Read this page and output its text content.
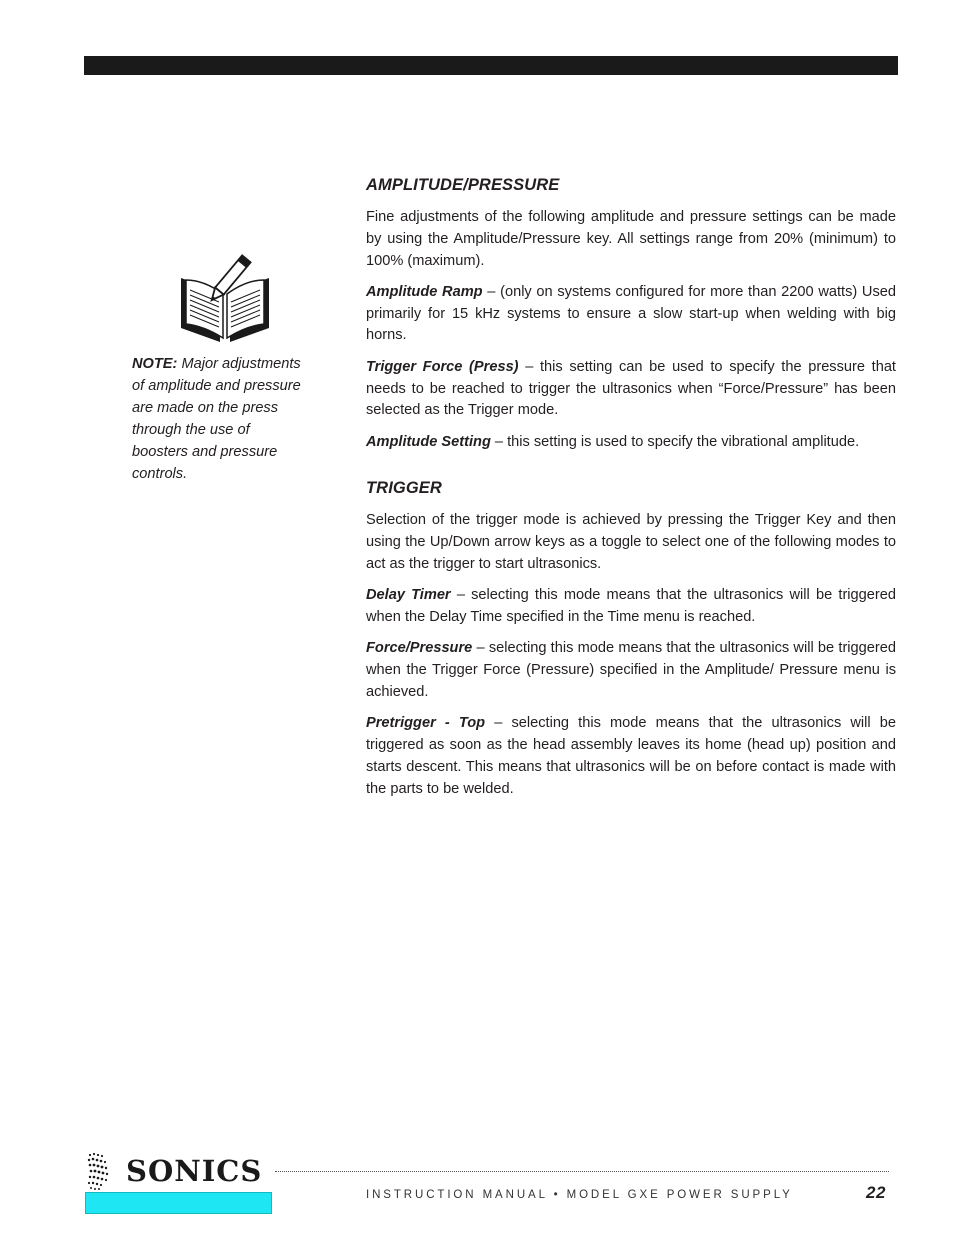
NOTE: Major adjustments of amplitude and pressure are made on the press through the use of boosters and pressure controls.
AMPLITUDE/PRESSURE

Fine adjustments of the following amplitude and pressure settings can be made by using the Amplitude/Pressure key. All settings range from 20% (minimum) to 100% (maximum).

Amplitude Ramp – (only on systems configured for more than 2200 watts) Used primarily for 15 kHz systems to ensure a slow start-up when welding with big horns.

Trigger Force (Press) – this setting can be used to specify the pressure that needs to be reached to trigger the ultrasonics when “Force/Pressure” has been selected as the Trigger mode.

Amplitude Setting – this setting is used to specify the vibrational amplitude.

TRIGGER

Selection of the trigger mode is achieved by pressing the Trigger Key and then using the Up/Down arrow keys as a toggle to select one of the following modes to act as the trigger to start ultrasonics.

Delay Timer – selecting this mode means that the ultrasonics will be triggered when the Delay Time specified in the Time menu is reached.

Force/Pressure – selecting this mode means that the ultrasonics will be triggered when the Trigger Force (Pressure) specified in the Amplitude/ Pressure menu is achieved.

Pretrigger - Top – selecting this mode means that the ultrasonics will be triggered as soon as the head assembly leaves its home (head up) position and starts descent. This means that ultrasonics will be on before contact is made with the parts to be welded.

SONICS
INSTRUCTION MANUAL • MODEL GXE POWER SUPPLY	22
